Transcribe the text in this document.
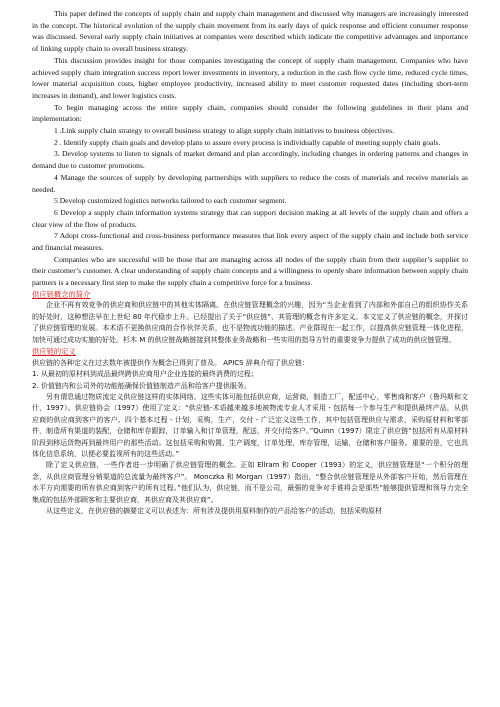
This paper defined the concepts of supply chain and supply chain management and discussed why managers are increasingly interested in the concept. The historical evolution of the supply chain movement from its early days of quick response and efficient consumer response was discussed. Several early supply chain initiatives at companies were described which indicate the competitive advantages and importance of linking supply chain to overall business strategy.

This discussion provides insight for those companies investigating the concept of supply chain management. Companies who have achieved supply chain integration success report lower investments in inventory, a reduction in the cash flow cycle time, reduced cycle times, lower material acquisition costs, higher employee productivity, increased ability to meet customer requested dates (including short-term increases in demand), and lower logistics costs.

To begin managing across the entire supply chain, companies should consider the following guidelines in their plans and implementation:

1 .Link supply chain strategy to overall business strategy to align supply chain initiatives to business objectives.

2 . Identify supply chain goals and develop plans to assure every process is individually capable of meeting supply chain goals.

3. Develop systems to listen to signals of market demand and plan accordingly, including changes in ordering patterns and changes in demand due to customer promotions.

4 Manage the sources of supply by developing partnerships with suppliers to reduce the costs of materials and receive materials as needed.

5 Develop customized logistics networks tailored to each customer segment.

6 Develop a supply chain information systems strategy that can support decision making at all levels of the supply chain and offers a clear view of the flow of products.

7 Adopt cross-functional and cross-business performance measures that link every aspect of the supply chain and include both service and financial measures.

Companies who are successful will be those that are managing across all nodes of the supply chain from their supplier’s supplier to their customer’s customer. A clear understanding of supply chain concepts and a willingness to openly share information between supply chain partners is a necessary first step to make the supply chain a competitive force for a business.

供应链概念的简介

企业不再有效竞争的供应商和供应链中的其他实体隔离。在供应链管理概念的兴趣，因为“当企业看到了内部和外部自己的组织协作关系的好处时，这种想法早在上世纪 80 年代稳步上升。已经提出了关于“供应链”、其管理的概念有许多定义。本文定义了供应链的概念，并探讨了供应链管理的发展。本术语不更换供应商的合作伙伴关系，也不是物流功能的描述。产业群现在一起工作，以提高供应链管理一体化进程，加快可通过成功实施的好处。杉木 M 的供应链战略链接到其整体业务战略和一些实用的指导方针的重要竞争力提供了成功的供应链管理。

供应链的定义

供应链的各种定义在过去数年被提供作为概念已得到了普及。 APICS 辞典介绍了供应链：

1. 从最初的原材料到成品最终跨供应商用户企业连接的最终消费的过程；

2. 价值链内和公司外的功能能确保价值链制造产品和给客户提供服务。

另有谓息通过物质流定义供应链这样的实体网络。这些实体可能包括供应商，运营商，制造工厂，配送中心，零售商和客户（鲁玛斯和文什，1997）。供应链协会（1997）使用了定义：“供应链-术语越来越多地被物流专业人才采用 - 包括每一个参与生产和提供最终产品，从供应商的供应商到客户的客户。四个基本过程 - 计划，采购，生产，交付 - 广泛定义这些工作，其中包括管理供应与需求，采购原材料和零部件，制造所有渠道的装配，仓储和库存跟踪，订单输入和订单管理，配送，并交付给客户。”Quinn（1997）限定了供应链“包括所有从原材料阶段到移运货物再到最终用户的那些活动。这包括采购和购置，生产调度，订单处理，库存管理，运输，仓储和客户服务。重要的是，它也具体化信息系统，以便必要监视所有的这些活动。”

除了定义供应链，一些作者进一步明确了供应链管理的概念。正如 Ellram 和 Cooper（1993）的定义，供应链管理是“一个积分的理念，从供应商管理分销渠道的总流量为最终客户”。 Monczka 和 Morgan（1997）指出，“整合供应链管理是从外部客户开始，然后管理在水平方向需要的所有供应商到客户的所有过程。”他们认为，供应链，而不是公司，最强的竞争对手谁将会是那些“能够提供管理和领导力完全集成的包括外部顾客和主要供应商，其供应商及其供应商”。

从这些定义，在供应链的摘要定义可以表述为：所有涉及提供用原料制作的产品给客户的活动，包括采购原材
